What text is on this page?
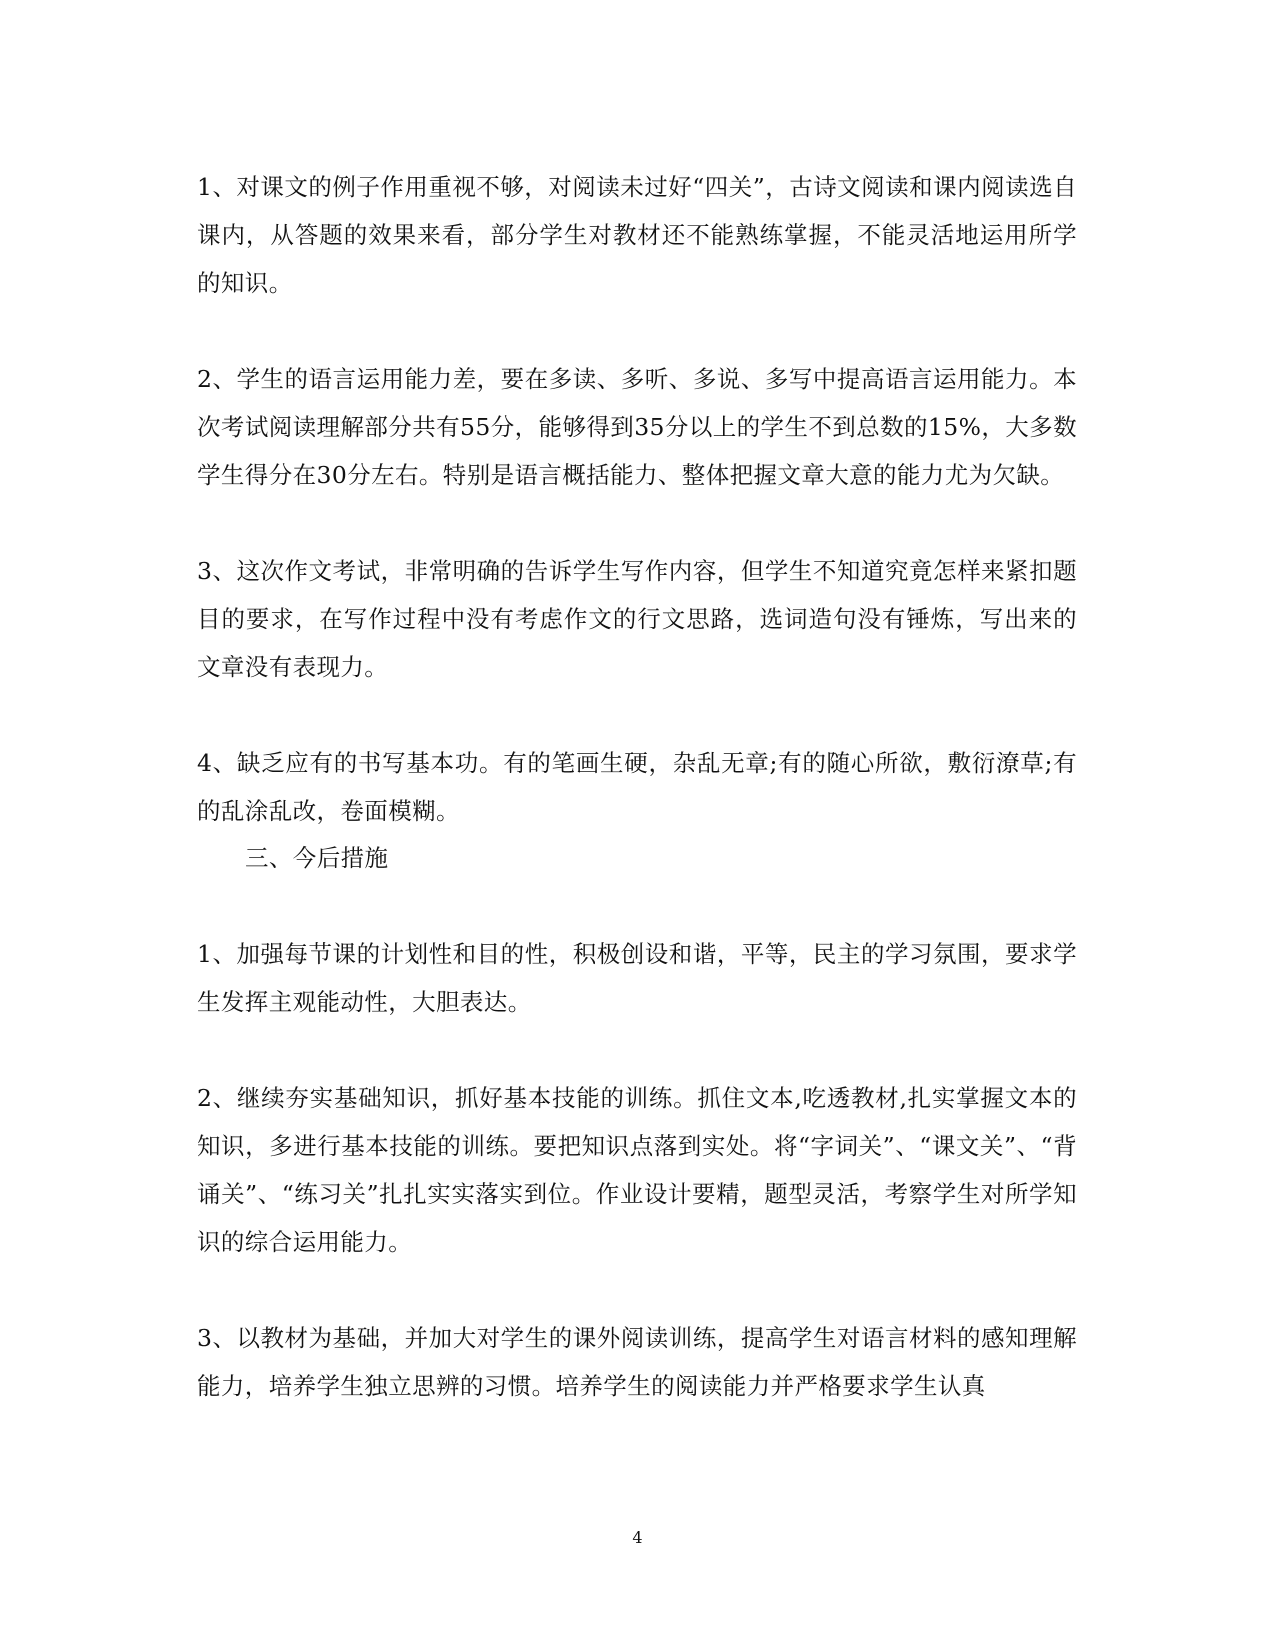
1、对课文的例子作用重视不够，对阅读未过好“四关”，古诗文阅读和课内阅读选自课内，从答题的效果来看，部分学生对教材还不能熟练掌握，不能灵活地运用所学的知识。

2、学生的语言运用能力差，要在多读、多听、多说、多写中提高语言运用能力。本次考试阅读理解部分共有55分，能够得到35分以上的学生不到总数的15%，大多数学生得分在30分左右。特别是语言概括能力、整体把握文章大意的能力尤为欠缺。

3、这次作文考试，非常明确的告诉学生写作内容，但学生不知道究竟怎样来紧扣题目的要求，在写作过程中没有考虑作文的行文思路，选词造句没有锤炼，写出来的文章没有表现力。

4、缺乏应有的书写基本功。有的笔画生硬，杂乱无章;有的随心所欲，敷衍潦草;有的乱涂乱改，卷面模糊。

三、今后措施

1、加强每节课的计划性和目的性，积极创设和谐，平等，民主的学习氛围，要求学生发挥主观能动性，大胆表达。

2、继续夯实基础知识，抓好基本技能的训练。抓住文本,吃透教材,扎实掌握文本的知识，多进行基本技能的训练。要把知识点落到实处。将“字词关”、“课文关”、“背诵关”、“练习关”扎扎实实落实到位。作业设计要精，题型灵活，考察学生对所学知识的综合运用能力。

3、以教材为基础，并加大对学生的课外阅读训练，提高学生对语言材料的感知理解能力，培养学生独立思辨的习惯。培养学生的阅读能力并严格要求学生认真

4
